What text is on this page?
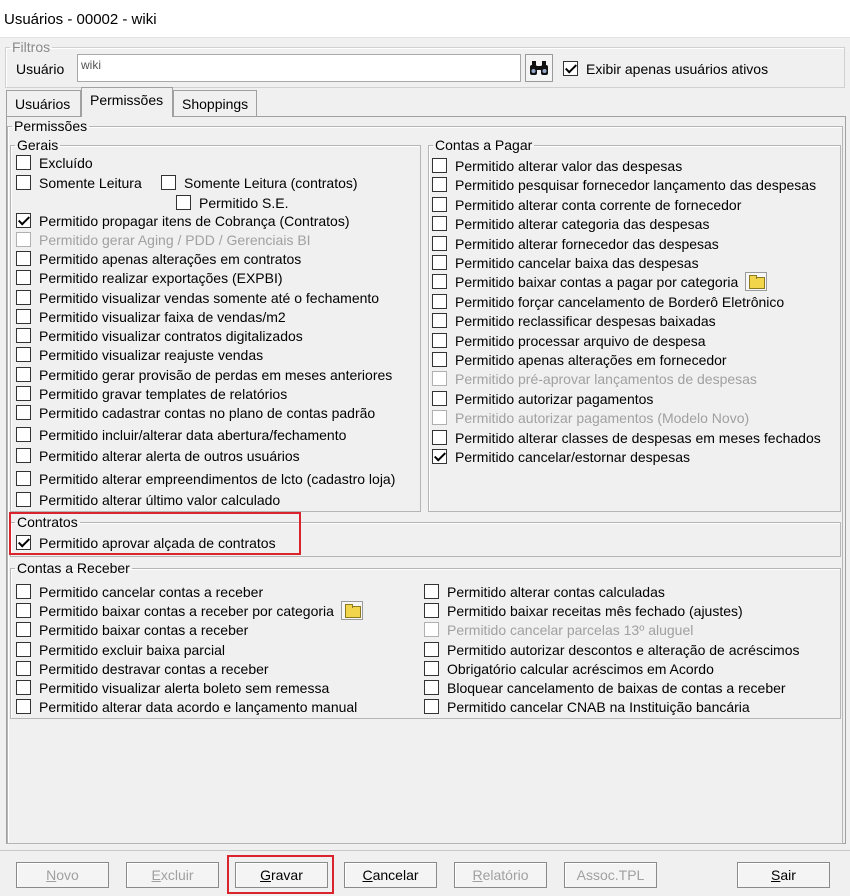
Usuários - 00002 - wiki
Filtros
Usuário	wiki	Exibir apenas usuários ativos
Usuários	Permissões	Shoppings
Permissões
Gerais
Excluído
Somente Leitura	Somente Leitura (contratos)
Permitido S.E.
Permitido propagar itens de Cobrança (Contratos)
Permitido gerar Aging / PDD / Gerenciais BI
Permitido apenas alterações em contratos
Permitido realizar exportações (EXPBI)
Permitido visualizar vendas somente até o fechamento
Permitido visualizar faixa de vendas/m2
Permitido visualizar contratos digitalizados
Permitido visualizar reajuste vendas
Permitido gerar provisão de perdas em meses anteriores
Permitido gravar templates de relatórios
Permitido cadastrar contas no plano de contas padrão
Permitido incluir/alterar data abertura/fechamento
Permitido alterar alerta de outros usuários
Permitido alterar empreendimentos de lcto (cadastro loja)
Permitido alterar último valor calculado
Contas a Pagar
Permitido alterar valor das despesas
Permitido pesquisar fornecedor lançamento das despesas
Permitido alterar conta corrente de fornecedor
Permitido alterar categoria das despesas
Permitido alterar fornecedor das despesas
Permitido cancelar baixa das despesas
Permitido baixar contas a pagar por categoria
Permitido forçar cancelamento de Borderô Eletrônico
Permitido reclassificar despesas baixadas
Permitido processar arquivo de despesa
Permitido apenas alterações em fornecedor
Permitido pré-aprovar lançamentos de despesas
Permitido autorizar pagamentos
Permitido autorizar pagamentos (Modelo Novo)
Permitido alterar classes de despesas em meses fechados
Permitido cancelar/estornar despesas
Contratos
Permitido aprovar alçada de contratos
Contas a Receber
Permitido cancelar contas a receber
Permitido baixar contas a receber por categoria
Permitido baixar contas a receber
Permitido excluir baixa parcial
Permitido destravar contas a receber
Permitido visualizar alerta boleto sem remessa
Permitido alterar data acordo e lançamento manual
Permitido alterar contas calculadas
Permitido baixar receitas mês fechado (ajustes)
Permitido cancelar parcelas 13º aluguel
Permitido autorizar descontos e alteração de acréscimos
Obrigatório calcular acréscimos em Acordo
Bloquear cancelamento de baixas de contas a receber
Permitido cancelar CNAB na Instituição bancária
N ovo	E xcluir	G ravar	C ancelar	R elatório	Assoc.TPL	S air
